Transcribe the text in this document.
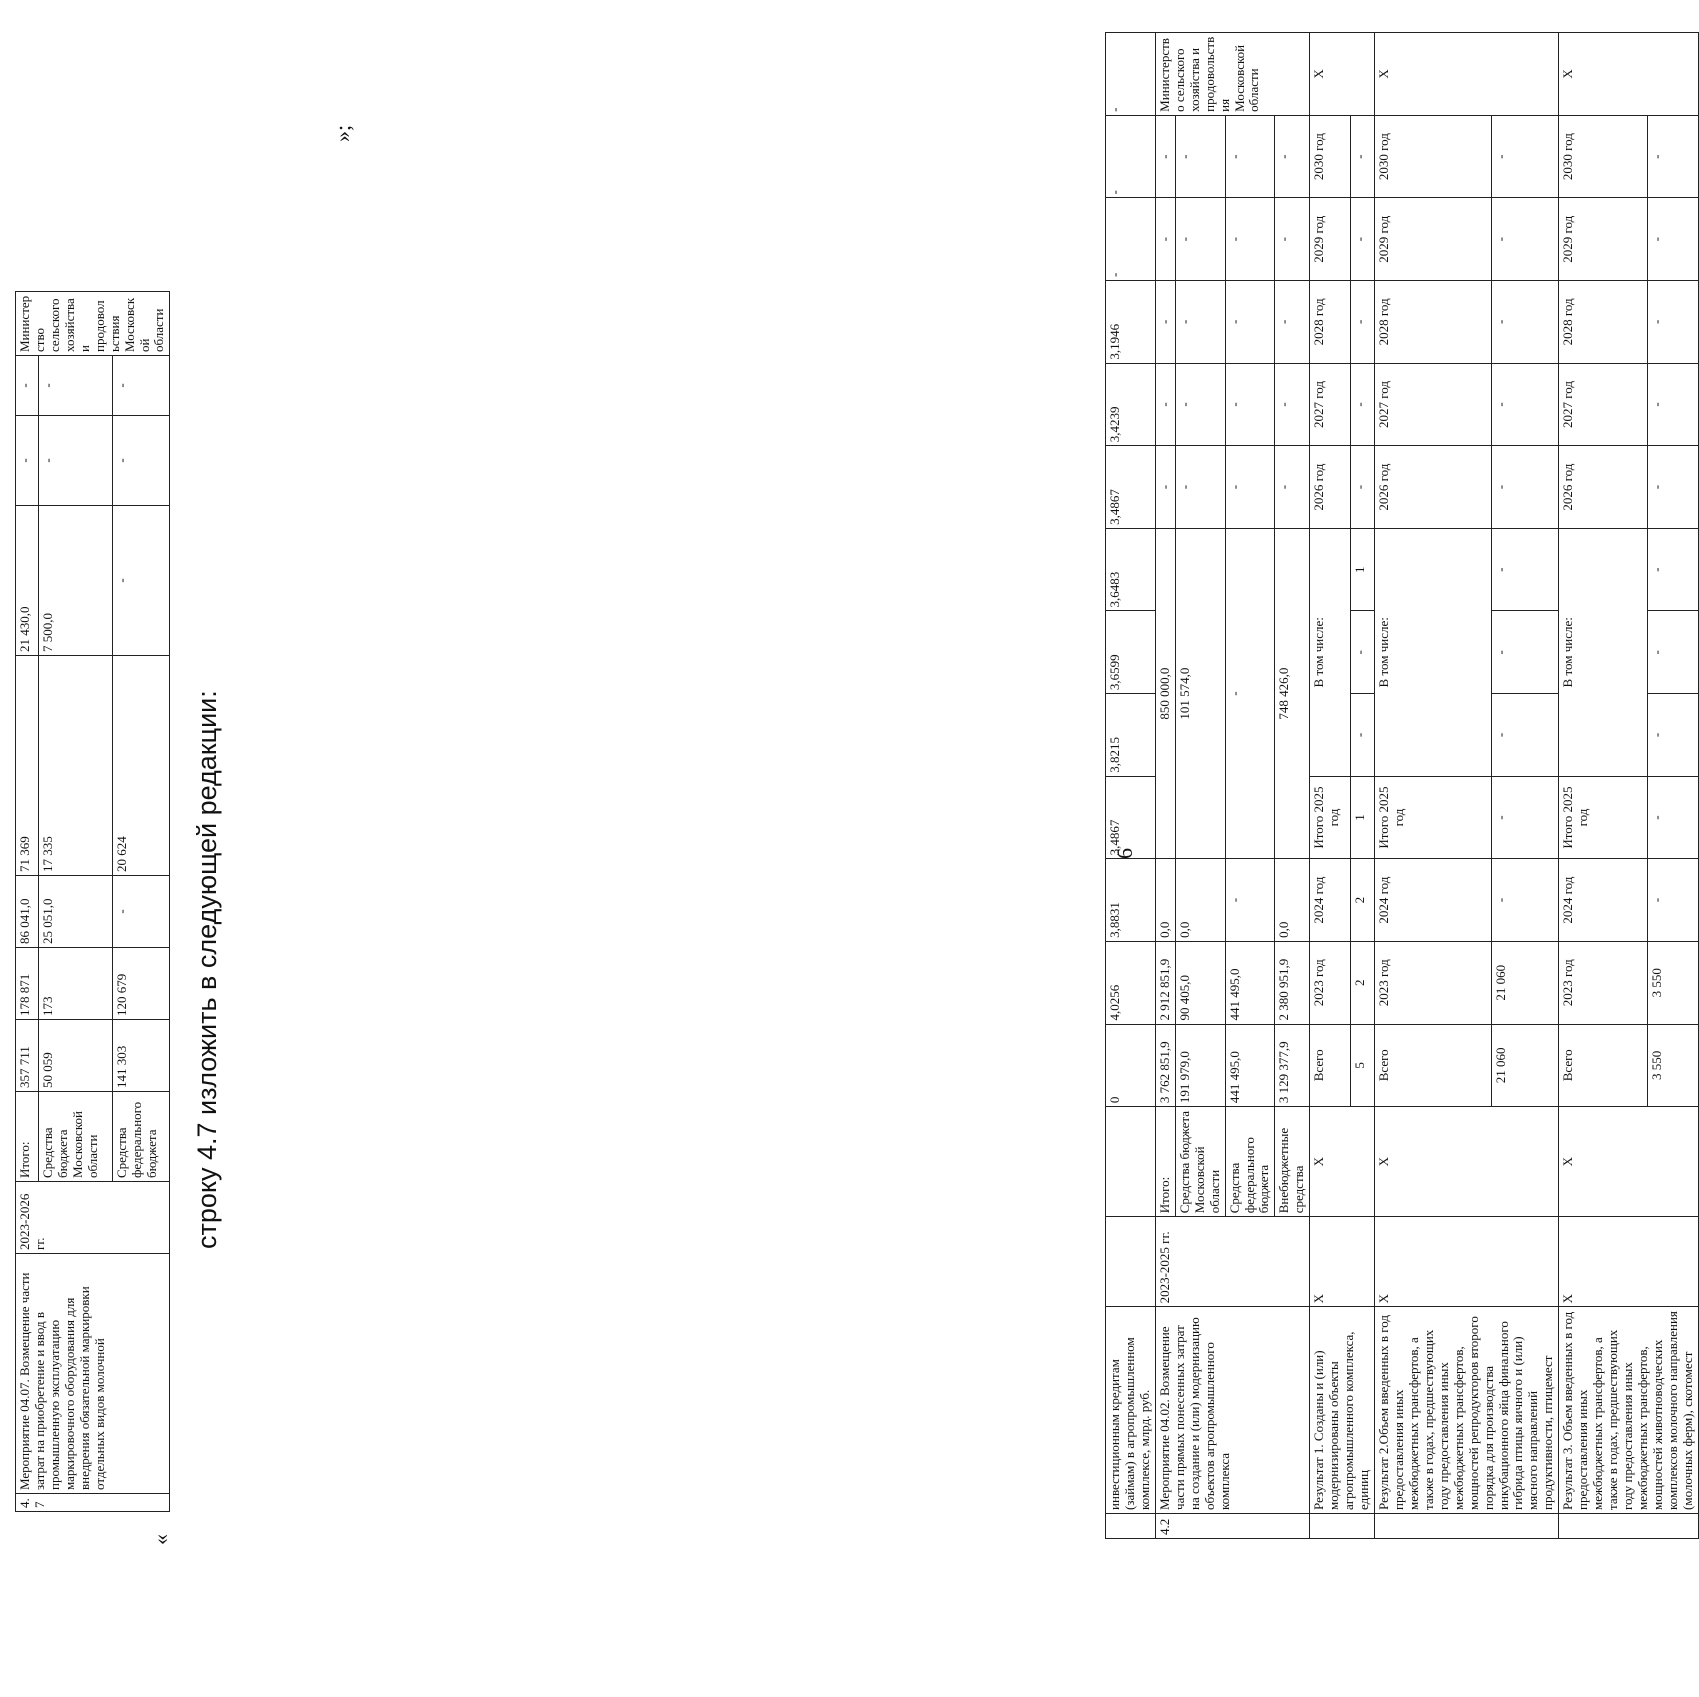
6
	инвестиционным кредитам (займам) в агропромышленном комплексе, млрд. руб.			0	4,0256	3,8831	3,4867	3,8215	3,6599	3,6483	3,4867	3,4239	3,1946	-	-	-
4.2	Мероприятие 04.02. Возмещение части прямых понесенных затрат на создание и (или) модернизацию объектов агропромышленного комплекса	2023-2025 гг.	Итого:	3 762 851,9	2 912 851,9	0,0	850 000,0				-	-	-	-	-	Министерство сельского хозяйства и продовольствия Московской области
			Средства бюджета Московской области	191 979,0	90 405,0	0,0	101 574,0				-	-	-	-	-	
			Средства федерального бюджета	441 495,0	441 495,0	-	-				-	-	-	-	-	
			Внебюджетные средства	3 129 377,9	2 380 951,9	0,0	748 426,0				-	-	-	-	-	
	Результат 1. Созданы и (или) модернизированы объекты агропромышленного комплекса, единиц	X	X	Всего	2023 год	2024 год	Итого 2025 год	В том числе:			2026 год	2027 год	2028 год	2029 год	2030 год	X
				5	2	2	1	-	-	1	-	-	-	-	-	
	Результат 2.Объем введенных в год предоставления иных межбюджетных трансфертов, а также в годах, предшествующих году предоставления иных межбюджетных трансфертов, мощностей репродукторов второго порядка для производства инкубационного яйца финального гибрида птицы яичного и (или) мясного направлений продуктивности, птицемест	X	X	Всего	2023 год	2024 год	Итого 2025 год	В том числе:			2026 год	2027 год	2028 год	2029 год	2030 год	X
				21 060	21 060	-	-	-	-	-	-	-	-	-	-	
	Результат 3. Объем введенных в год предоставления иных межбюджетных трансфертов, а также в годах, предшествующих году предоставления иных межбюджетных трансфертов, мощностей животноводческих комплексов молочного направления (молочных ферм), скотомест	X	X	Всего	2023 год	2024 год	Итого 2025 год	В том числе:			2026 год	2027 год	2028 год	2029 год	2030 год	X
				3 550	3 550	-	-	-	-	-	-	-	-	-	-	
строку 4.7 изложить в следующей редакции:
«
»;
4.7	Мероприятие 04.07. Возмещение части затрат на приобретение и ввод в промышленную эксплуатацию маркировочного оборудования для внедрения обязательной маркировки отдельных видов молочной	2023-2026 гг.	Итого:	357 711	178 871	86 041,0	71 369	21 430,0	-	-	Министерство сельского хозяйства и продовольствия Московской области
			Средства бюджета Московской области	50 059	173	25 051,0	17 335	7 500,0	-	-	
			Средства федерального бюджета	141 303	120 679	-	20 624	-	-	-	
